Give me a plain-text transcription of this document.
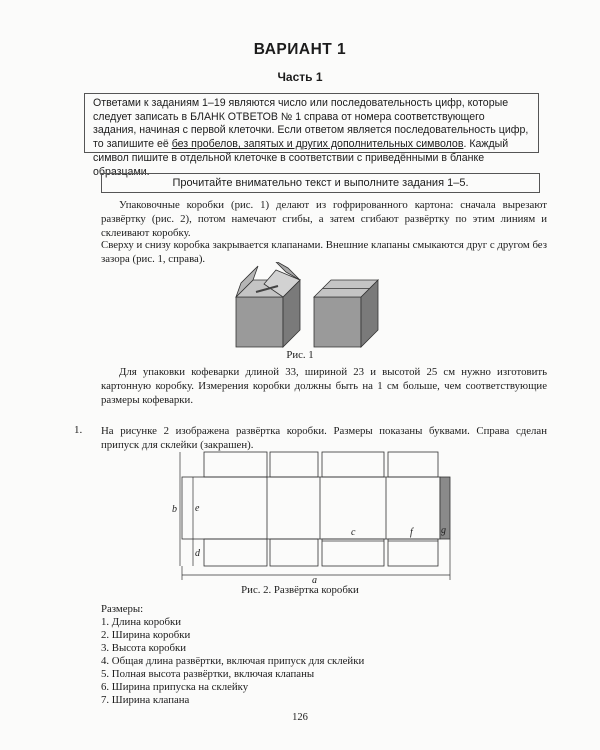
ВАРИАНТ 1
Часть 1
Ответами к заданиям 1–19 являются число или последовательность цифр, которые следует записать в БЛАНК ОТВЕТОВ № 1 справа от номера соответствующего задания, начиная с первой клеточки. Если ответом является последовательность цифр, то запишите её без пробелов, запятых и других дополнительных символов. Каждый символ пишите в отдельной клеточке в соответствии с приведёнными в бланке образцами.
Прочитайте внимательно текст и выполните задания 1–5.
Упаковочные коробки (рис. 1) делают из гофрированного картона: сначала вырезают развёртку (рис. 2), потом намечают сгибы, а затем сгибают развёртку по этим линиям и склеивают коробку.
Сверху и снизу коробка закрывается клапанами. Внешние клапаны смыкаются друг с другом без зазора (рис. 1, справа).
Рис. 1
Для упаковки кофеварки длиной 33, шириной 23 и высотой 25 см нужно изготовить картонную коробку. Измерения коробки должны быть на 1 см больше, чем соответствующие размеры кофеварки.
1. На рисунке 2 изображена развёртка коробки. Размеры показаны буквами. Справа сделан припуск для склейки (закрашен).
b e
d
c	f	g
a
Рис. 2. Развёртка коробки
Размеры:
1. Длина коробки
2. Ширина коробки
3. Высота коробки
4. Общая длина развёртки, включая припуск для склейки
5. Полная высота развёртки, включая клапаны
6. Ширина припуска на склейку
7. Ширина клапана
126
